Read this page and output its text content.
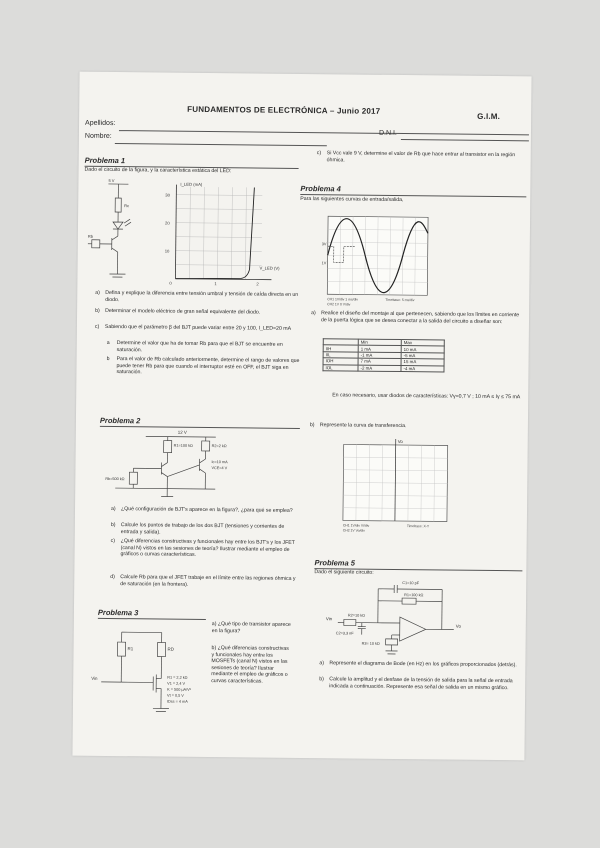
FUNDAMENTOS DE ELECTRÓNICA – Junio 2017
G.I.M.
Apellidos:
Nombre:	D.N.I.
Problema 1
Dado el circuito de la figura, y la característica estática del LED:
5 V
Rc
Rb
I_LED (mA)
V_LED (V)
30
20
10
0	1	2
a) Defina y explique la diferencia entre tensión umbral y tensión de caída directa en un diodo.
b) Determinar el modelo eléctrico de gran señal equivalente del diodo.
c) Sabiendo que el parámetro β del BJT puede variar entre 20 y 100, I_LED=20 mA
a Determine el valor que ha de tomar Rb para que el BJT se encuentre en saturación.
b Para el valor de Rb calculado anteriormente, determine el rango de valores que puede tener Rb para que cuando el interruptor esté en OFF, el BJT siga en saturación.
c) Si Vcc vale 9 V, determine el valor de Rb que hace entrar al transistor en la región óhmica.
Problema 2
12 V
R1=100 kΩ	R2=2 kΩ
Ic=10 mA
VCE=4 V
Rb=500 kΩ
a) ¿Qué configuración de BJT's aparece en la figura?, ¿para qué se emplea?
b) Calcule los puntos de trabajo de los dos BJT (tensiones y corrientes de entrada y salida).
c) ¿Qué diferencias constructivas y funcionales hay entre los BJT's y los JFET (canal N) vistos en las sesiones de teoría? Ilustrar mediante el empleo de gráficos o curvas características.
d) Calcule Rb para que el JFET trabaje en el límite entre las regiones óhmica y de saturación (en la frontera).
Problema 3
R1	RD
Vin	R1 = 2,2 kΩ
V1 = 2,4 V
K = 500 μA/V²
Vt = 0,5 V
IDss = 4 mA
a) ¿Qué tipo de transistor aparece en la figura?
b) ¿Qué diferencias constructivas y funcionales hay entre los MOSFETs (canal N) vistos en las sesiones de teoría? Ilustrar mediante el empleo de gráficos o curvas características.
Problema 4
Para las siguientes curvas de entrada/salida,
3V
1V
CH1 1V/div 1 ms/div
CH2 1V 0 V/div
Timebase: 5 ms/div
a) Realice el diseño del montaje al que pertenecen, sabiendo que los límites en corriente de la puerta lógica que se desea conectar a la salida del circuito a diseñar son:
	Min	Max
IIH	1 mA	10 mA
IIL	-1 mA	-5 mA
IOH	7 mA	15 mA
IOL	-2 mA	-4 mA
En caso necesario, usar diodos de características: Vγ=0,7 V ; 10 mA ≤ Iγ ≤ 75 mA
b) Represente la curva de transferencia.
Vo
CH1 1V/div Vi/div
CH2 1V Vo/div
Timebase: X-Y
Problema 5
Dado el siguiente circuito:
C1=10 pF
R1=100 kΩ
R2=10 kΩ
C2=3,3 nF
R3= 10 kΩ
Vin
Vo
a) Represente el diagrama de Bode (en Hz) en los gráficos proporcionados (detrás).
b) Calcule la amplitud y el desfase de la tensión de salida para la señal de entrada indicada a continuación. Represente esa señal de salida en un mismo gráfico.
